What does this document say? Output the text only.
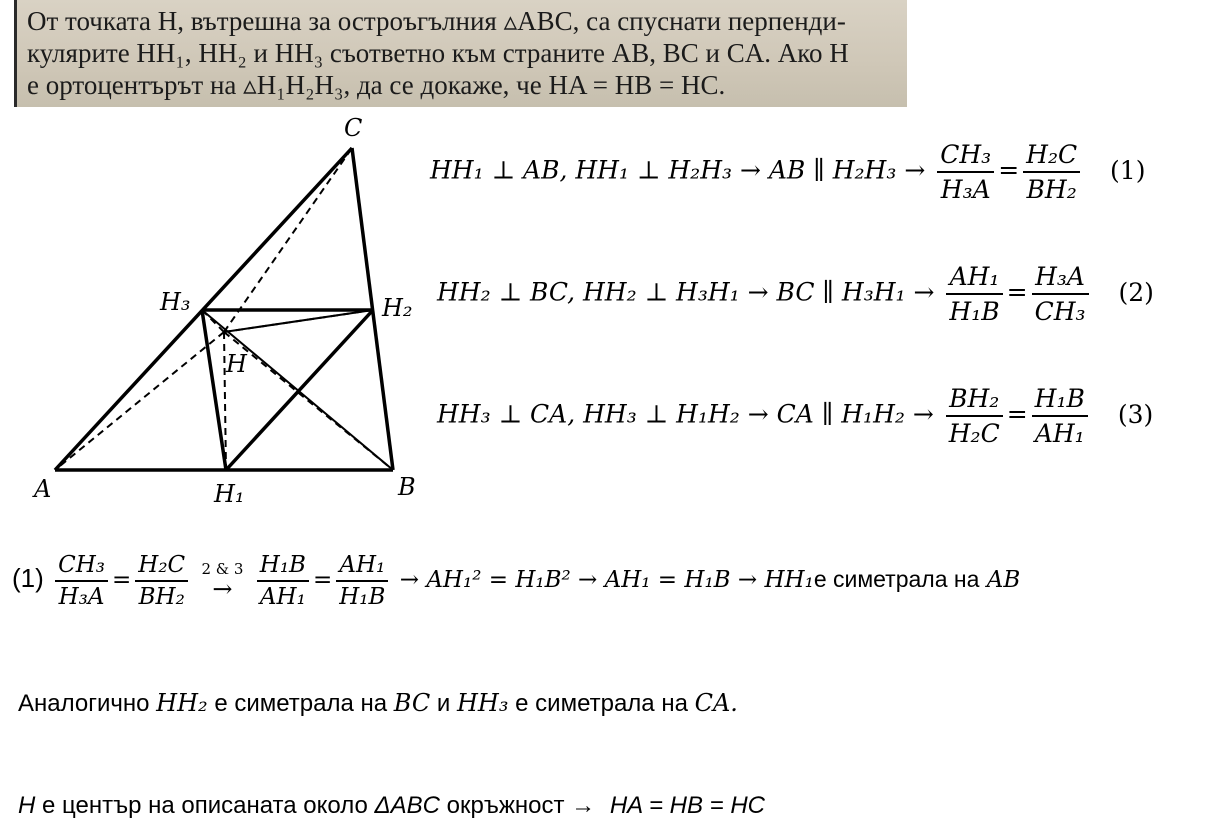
От точката H, вътрешна за остроъгълния ▵ABC, са спуснати перпенди-
кулярите HH₁, HH₂ и HH₃ съответно към страните AB, BC и CA. Ако H
е ортоцентърът на ▵H₁H₂H₃, да се докаже, че HA = HB = HC.
C
A	B
H₁
H₂
H₃
H
HH₁ ⊥ AB, HH₁ ⊥ H₂H₃ → AB ∥ $H_2H_3 \to \frac{\text{CH₃}}{\text{H₃A}} = \frac{\text{H₂C}}{\text{BH₂}} (1)$
HH₂ ⊥ BC, HH₂ ⊥ H₃H₁ → BC ∥ $H_3H_1 \to \frac{\text{AH₁}}{\text{H₁B}} = \frac{\text{H₃A}}{\text{CH₃}} (2)$
HH₃ ⊥ CA, HH₃ ⊥ H₁H₂ → CA ∥ $H_1H_2 \to \frac{\text{BH₂}}{\text{H₂C}} = \frac{\text{H₁B}}{\text{AH₁}} (3)$
$(1) \frac{\text{CH₃}}{\text{H₃A}} = \frac{\text{H₂C}}{\text{BH₂}} 2$ & 3
→
	$\frac{\text{H₁B}}{\text{AH₁}} = \frac{\text{AH₁}}{\text{H₁B}} \to AH_1^2 = H_1B^2 \to AH_1 = H_1B \to HH_1е$ симетрала на AB
Аналогично HH₂ е симетрала на BC и HH₃ е симетрала на CA.
H е център на описаната около ΔABC окръжност → HA = HB = HC
